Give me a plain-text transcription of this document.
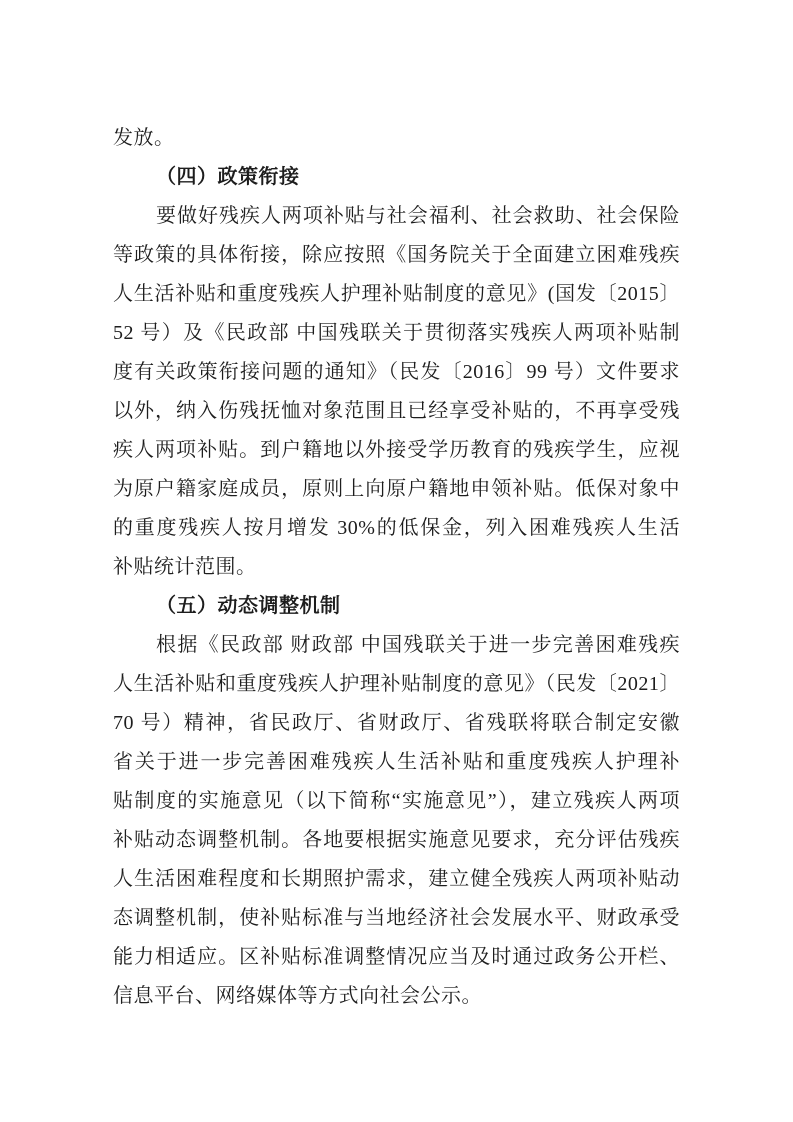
发放。
（四）政策衔接
要做好残疾人两项补贴与社会福利、社会救助、社会保险
等政策的具体衔接，除应按照《国务院关于全面建立困难残疾
人生活补贴和重度残疾人护理补贴制度的意见》(国发〔2015〕
52 号）及《民政部 中国残联关于贯彻落实残疾人两项补贴制
度有关政策衔接问题的通知》（民发〔2016〕99 号）文件要求
以外，纳入伤残抚恤对象范围且已经享受补贴的，不再享受残
疾人两项补贴。到户籍地以外接受学历教育的残疾学生，应视
为原户籍家庭成员，原则上向原户籍地申领补贴。低保对象中
的重度残疾人按月增发 30%的低保金，列入困难残疾人生活
补贴统计范围。
（五）动态调整机制
根据《民政部 财政部 中国残联关于进一步完善困难残疾
人生活补贴和重度残疾人护理补贴制度的意见》（民发〔2021〕
70 号）精神，省民政厅、省财政厅、省残联将联合制定安徽
省关于进一步完善困难残疾人生活补贴和重度残疾人护理补
贴制度的实施意见（以下简称“实施意见”），建立残疾人两项
补贴动态调整机制。各地要根据实施意见要求，充分评估残疾
人生活困难程度和长期照护需求，建立健全残疾人两项补贴动
态调整机制，使补贴标准与当地经济社会发展水平、财政承受
能力相适应。区补贴标准调整情况应当及时通过政务公开栏、
信息平台、网络媒体等方式向社会公示。
